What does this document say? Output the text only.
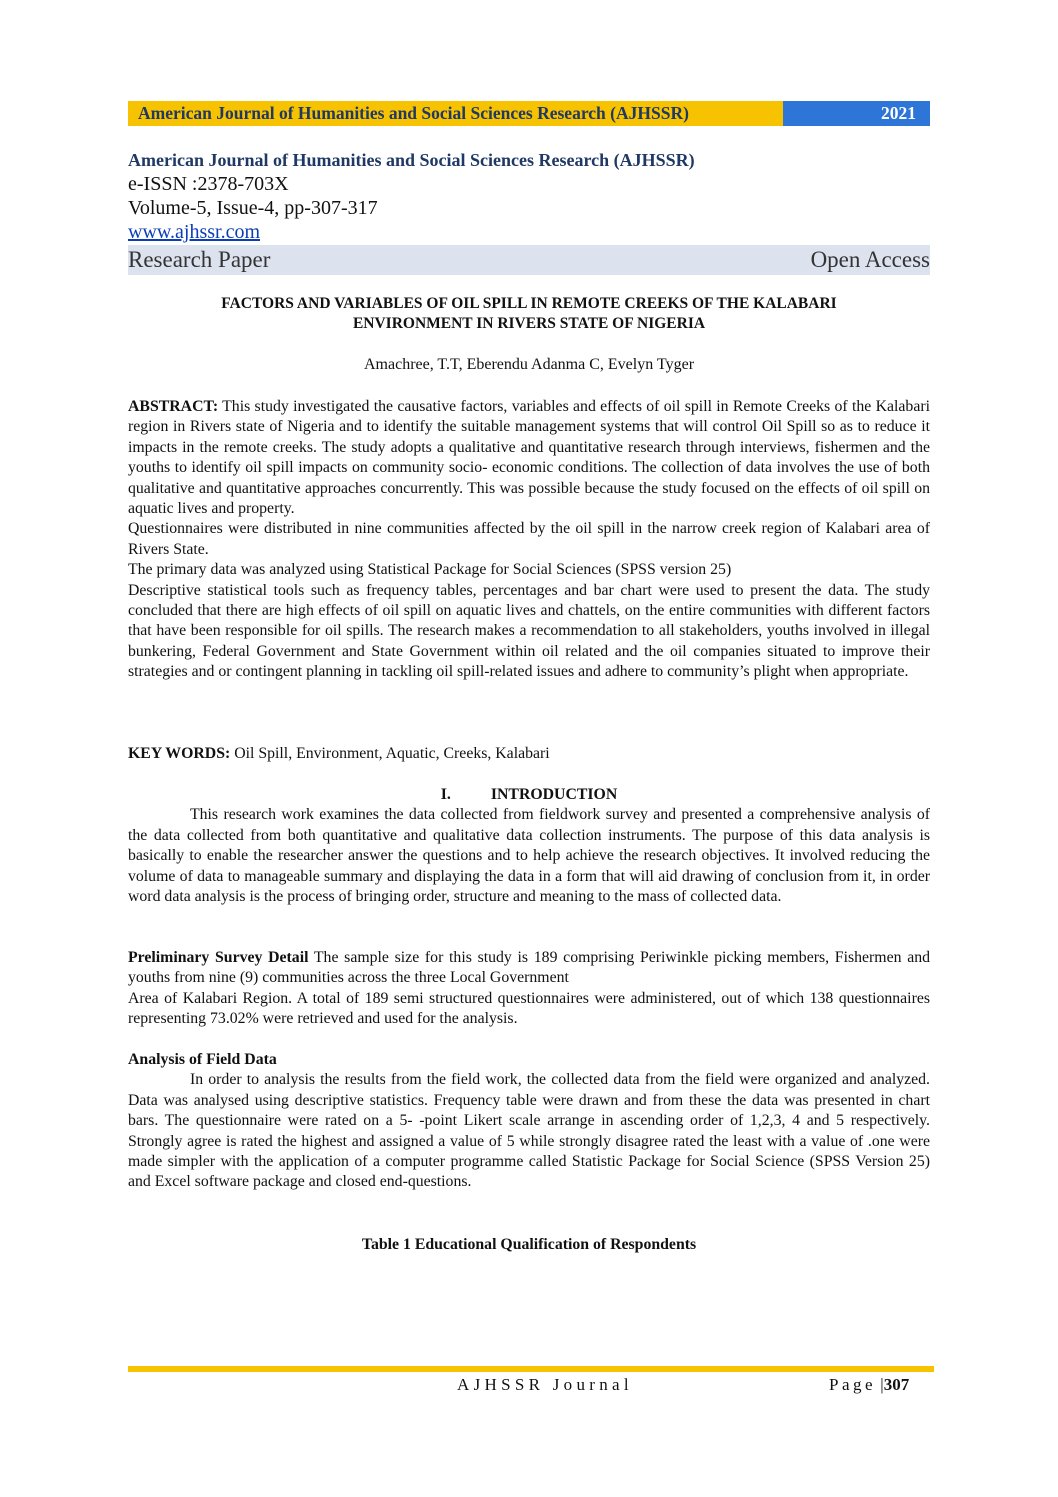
American Journal of Humanities and Social Sciences Research (AJHSSR)	2021
American Journal of Humanities and Social Sciences Research (AJHSSR)
e-ISSN :2378-703X
Volume-5, Issue-4, pp-307-317
www.ajhssr.com
Research Paper	Open Access
FACTORS AND VARIABLES OF OIL SPILL IN REMOTE CREEKS OF THE KALABARI
ENVIRONMENT IN RIVERS STATE OF NIGERIA
Amachree, T.T, Eberendu Adanma C, Evelyn Tyger

ABSTRACT: This study investigated the causative factors, variables and effects of oil spill in Remote Creeks of the Kalabari region in Rivers state of Nigeria and to identify the suitable management systems that will control Oil Spill so as to reduce it impacts in the remote creeks. The study adopts a qualitative and quantitative research through interviews, fishermen and the youths to identify oil spill impacts on community socio- economic conditions. The collection of data involves the use of both qualitative and quantitative approaches concurrently. This was possible because the study focused on the effects of oil spill on aquatic lives and property.

Questionnaires were distributed in nine communities affected by the oil spill in the narrow creek region of Kalabari area of Rivers State.

The primary data was analyzed using Statistical Package for Social Sciences (SPSS version 25)

Descriptive statistical tools such as frequency tables, percentages and bar chart were used to present the data. The study concluded that there are high effects of oil spill on aquatic lives and chattels, on the entire communities with different factors that have been responsible for oil spills. The research makes a recommendation to all stakeholders, youths involved in illegal bunkering, Federal Government and State Government within oil related and the oil companies situated to improve their strategies and or contingent planning in tackling oil spill-related issues and adhere to community’s plight when appropriate.

KEY WORDS: Oil Spill, Environment, Aquatic, Creeks, Kalabari

I.	INTRODUCTION

This research work examines the data collected from fieldwork survey and presented a comprehensive analysis of the data collected from both quantitative and qualitative data collection instruments. The purpose of this data analysis is basically to enable the researcher answer the questions and to help achieve the research objectives. It involved reducing the volume of data to manageable summary and displaying the data in a form that will aid drawing of conclusion from it, in order word data analysis is the process of bringing order, structure and meaning to the mass of collected data.

Preliminary Survey Detail The sample size for this study is 189 comprising Periwinkle picking members, Fishermen and youths from nine (9) communities across the three Local Government

Area of Kalabari Region. A total of 189 semi structured questionnaires were administered, out of which 138 questionnaires representing 73.02% were retrieved and used for the analysis.

Analysis of Field Data

In order to analysis the results from the field work, the collected data from the field were organized and analyzed. Data was analysed using descriptive statistics. Frequency table were drawn and from these the data was presented in chart bars. The questionnaire were rated on a 5- -point Likert scale arrange in ascending order of 1,2,3, 4 and 5 respectively. Strongly agree is rated the highest and assigned a value of 5 while strongly disagree rated the least with a value of .one were made simpler with the application of a computer programme called Statistic Package for Social Science (SPSS Version 25) and Excel software package and closed end-questions.

Table 1 Educational Qualification of Respondents
AJHSSR Journal	Page |307
